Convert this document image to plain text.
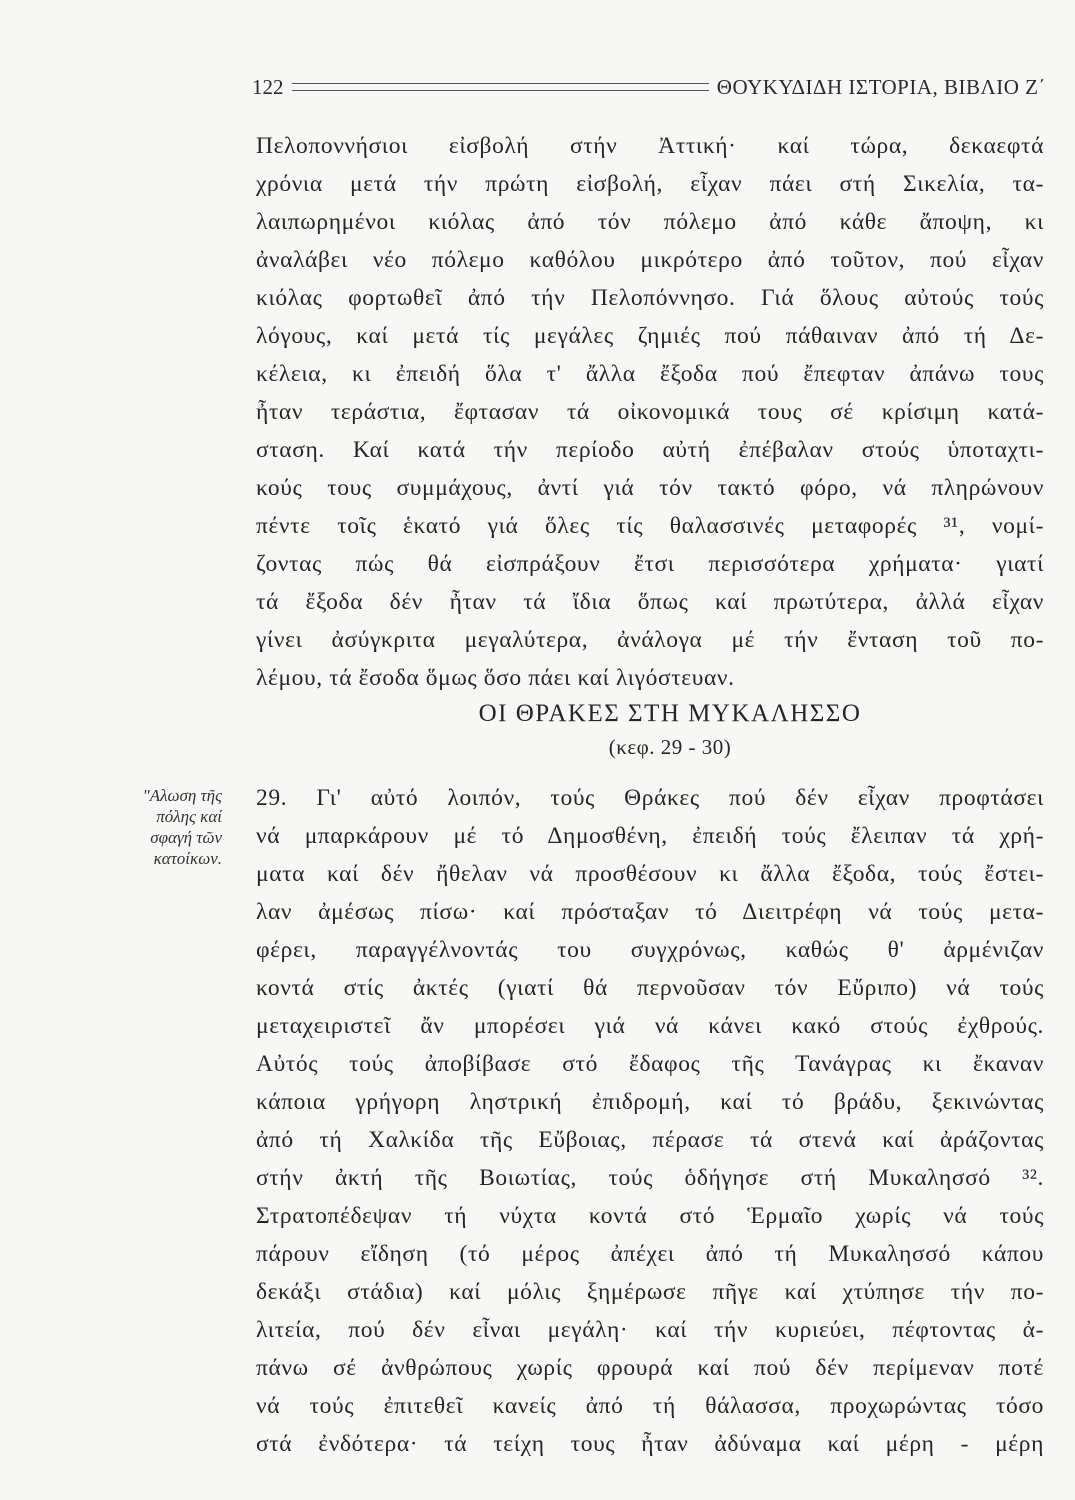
122	ΘΟΥΚΥΔΙΔΗ ΙΣΤΟΡΙΑ, ΒΙΒΛΙΟ Ζ΄
Πελοποννήσιοι εἰσβολή στήν Ἀττική· καί τώρα, δεκαεφτά
χρόνια μετά τήν πρώτη εἰσβολή, εἶχαν πάει στή Σικελία, τα-
λαιπωρημένοι κιόλας ἀπό τόν πόλεμο ἀπό κάθε ἄποψη, κι
ἀναλάβει νέο πόλεμο καθόλου μικρότερο ἀπό τοῦτον, πού εἶχαν
κιόλας φορτωθεῖ ἀπό τήν Πελοπόννησο. Γιά ὅλους αὐτούς τούς
λόγους, καί μετά τίς μεγάλες ζημιές πού πάθαιναν ἀπό τή Δε-
κέλεια, κι ἐπειδή ὅλα τ' ἄλλα ἔξοδα πού ἔπεφταν ἀπάνω τους
ἦταν τεράστια, ἔφτασαν τά οἰκονομικά τους σέ κρίσιμη κατά-
σταση. Καί κατά τήν περίοδο αὐτή ἐπέβαλαν στούς ὑποταχτι-
κούς τους συμμάχους, ἀντί γιά τόν τακτό φόρο, νά πληρώνουν
πέντε τοῖς ἑκατό γιά ὅλες τίς θαλασσινές μεταφορές ³¹, νομί-
ζοντας πώς θά εἰσπράξουν ἔτσι περισσότερα χρήματα· γιατί
τά ἔξοδα δέν ἦταν τά ἴδια ὅπως καί πρωτύτερα, ἀλλά εἶχαν
γίνει ἀσύγκριτα μεγαλύτερα, ἀνάλογα μέ τήν ἔνταση τοῦ πο-
λέμου, τά ἔσοδα ὅμως ὅσο πάει καί λιγόστευαν.
ΟΙ ΘΡΑΚΕΣ ΣΤΗ ΜΥΚΑΛΗΣΣΟ
(κεφ. 29 - 30)
"Αλωση τῆς
πόλης καί
σφαγή τῶν
κατοίκων.
29. Γι' αὐτό λοιπόν, τούς Θράκες πού δέν εἶχαν προφτάσει
νά μπαρκάρουν μέ τό Δημοσθένη, ἐπειδή τούς ἔλειπαν τά χρή-
ματα καί δέν ἤθελαν νά προσθέσουν κι ἄλλα ἔξοδα, τούς ἔστει-
λαν ἀμέσως πίσω· καί πρόσταξαν τό Διειτρέφη νά τούς μετα-
φέρει, παραγγέλνοντάς του συγχρόνως, καθώς θ' ἀρμένιζαν
κοντά στίς ἀκτές (γιατί θά περνοῦσαν τόν Εὔριπο) νά τούς
μεταχειριστεῖ ἄν μπορέσει γιά νά κάνει κακό στούς ἐχθρούς.
Αὐτός τούς ἀποβίβασε στό ἔδαφος τῆς Τανάγρας κι ἔκαναν
κάποια γρήγορη ληστρική ἐπιδρομή, καί τό βράδυ, ξεκινώντας
ἀπό τή Χαλκίδα τῆς Εὔβοιας, πέρασε τά στενά καί ἀράζοντας
στήν ἀκτή τῆς Βοιωτίας, τούς ὁδήγησε στή Μυκαλησσό ³².
Στρατοπέδεψαν τή νύχτα κοντά στό Ἑρμαῖο χωρίς νά τούς
πάρουν εἴδηση (τό μέρος ἀπέχει ἀπό τή Μυκαλησσό κάπου
δεκάξι στάδια) καί μόλις ξημέρωσε πῆγε καί χτύπησε τήν πο-
λιτεία, πού δέν εἶναι μεγάλη· καί τήν κυριεύει, πέφτοντας ἀ-
πάνω σέ ἀνθρώπους χωρίς φρουρά καί πού δέν περίμεναν ποτέ
νά τούς ἐπιτεθεῖ κανείς ἀπό τή θάλασσα, προχωρώντας τόσο
στά ἐνδότερα· τά τείχη τους ἦταν ἀδύναμα καί μέρη - μέρη
